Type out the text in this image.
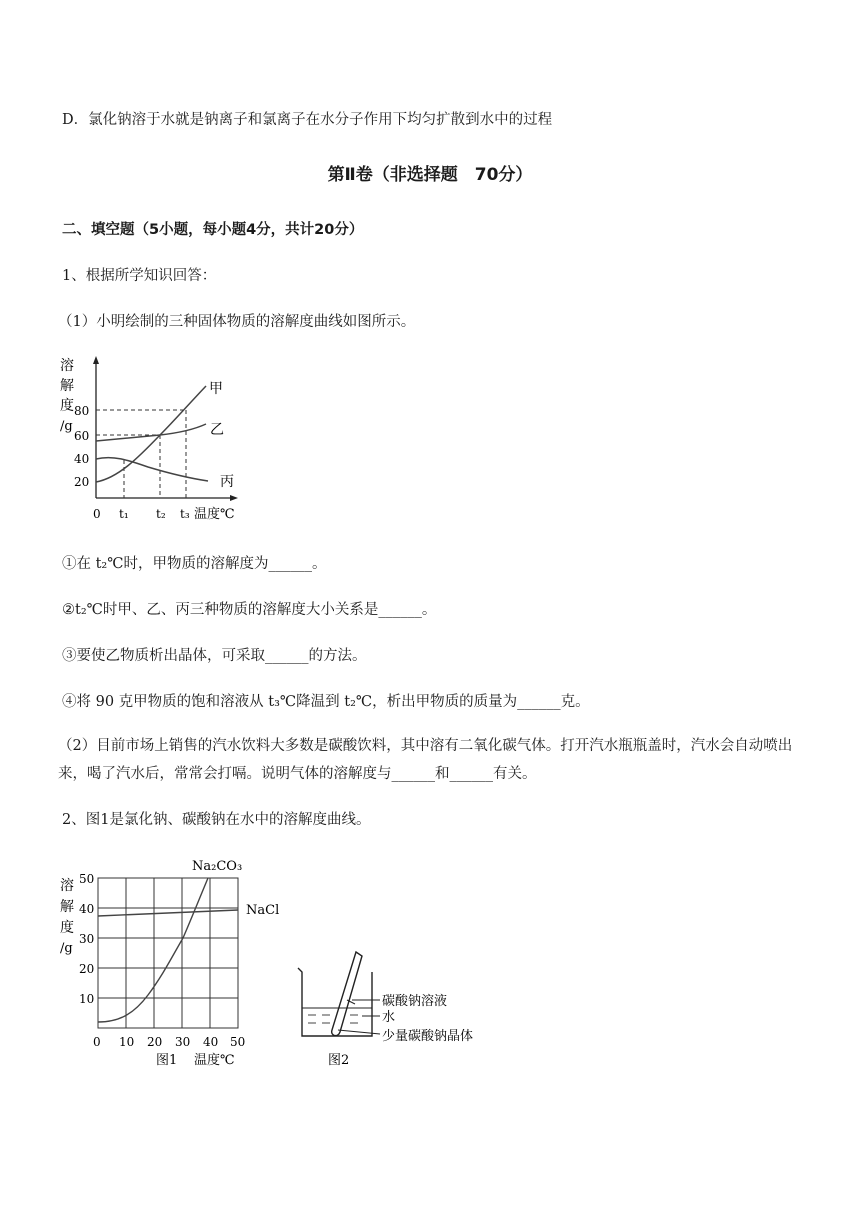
D．氯化钠溶于水就是钠离子和氯离子在水分子作用下均匀扩散到水中的过程
第Ⅱ卷（非选择题　70分）
二、填空题（5小题，每小题4分，共计20分）
1、根据所学知识回答：
（1）小明绘制的三种固体物质的溶解度曲线如图所示。
溶
解
度
/g
80
60
40
20
0 t₁ t₂ t₃ 温度℃
甲
乙
丙
①在 t₂℃时，甲物质的溶解度为______。
②t₂℃时甲、乙、丙三种物质的溶解度大小关系是______。
③要使乙物质析出晶体，可采取______的方法。
④将 90 克甲物质的饱和溶液从 t₃℃降温到 t₂℃，析出甲物质的质量为______克。
（2）目前市场上销售的汽水饮料大多数是碳酸饮料，其中溶有二氧化碳气体。打开汽水瓶瓶盖时，汽水会自动喷出来，喝了汽水后，常常会打嗝。说明气体的溶解度与______和______有关。
2、图1是氯化钠、碳酸钠在水中的溶解度曲线。
溶
解
度
/g
50
40
30
20
10
0 10 20 30 40 50
温度℃
图1
Na₂CO₃
NaCl
碳酸钠溶液
水
少量碳酸钠晶体
图2
